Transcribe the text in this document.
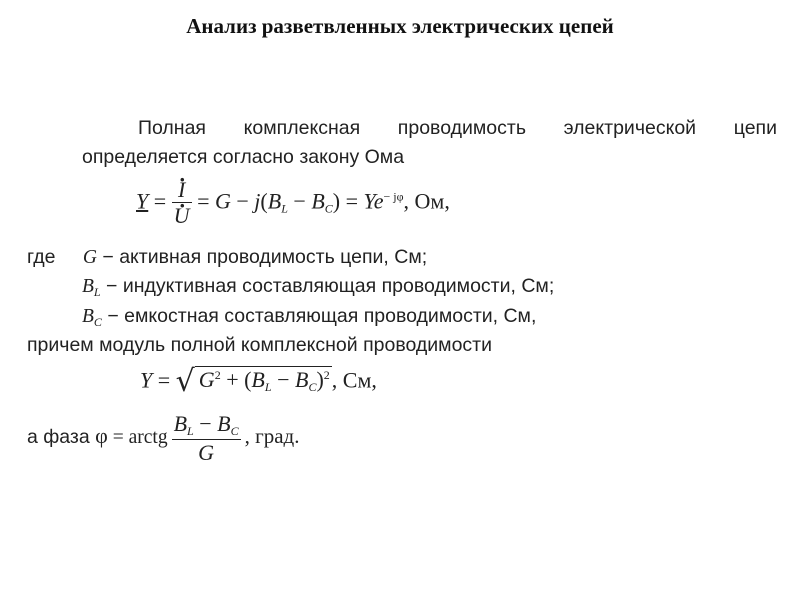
Анализ разветвленных электрических цепей
Полная комплексная проводимость электрической цепи
определяется согласно закону Ома
Y =
· I
· $U = G - j(B_L - B_C) = Ye^{- j\varphi}$, Ом,
где G − активная проводимость цепи, См;
$B_L$ − индуктивная составляющая проводимости, См;
$B_C$ − емкостная составляющая проводимости, См,
причем модуль полной комплексной проводимости
Y = √ $G^2 + (B_L - B_C)^2$, См,
а фаза φ = arctg $\frac{B_L - B_C}{G}$ , град.
